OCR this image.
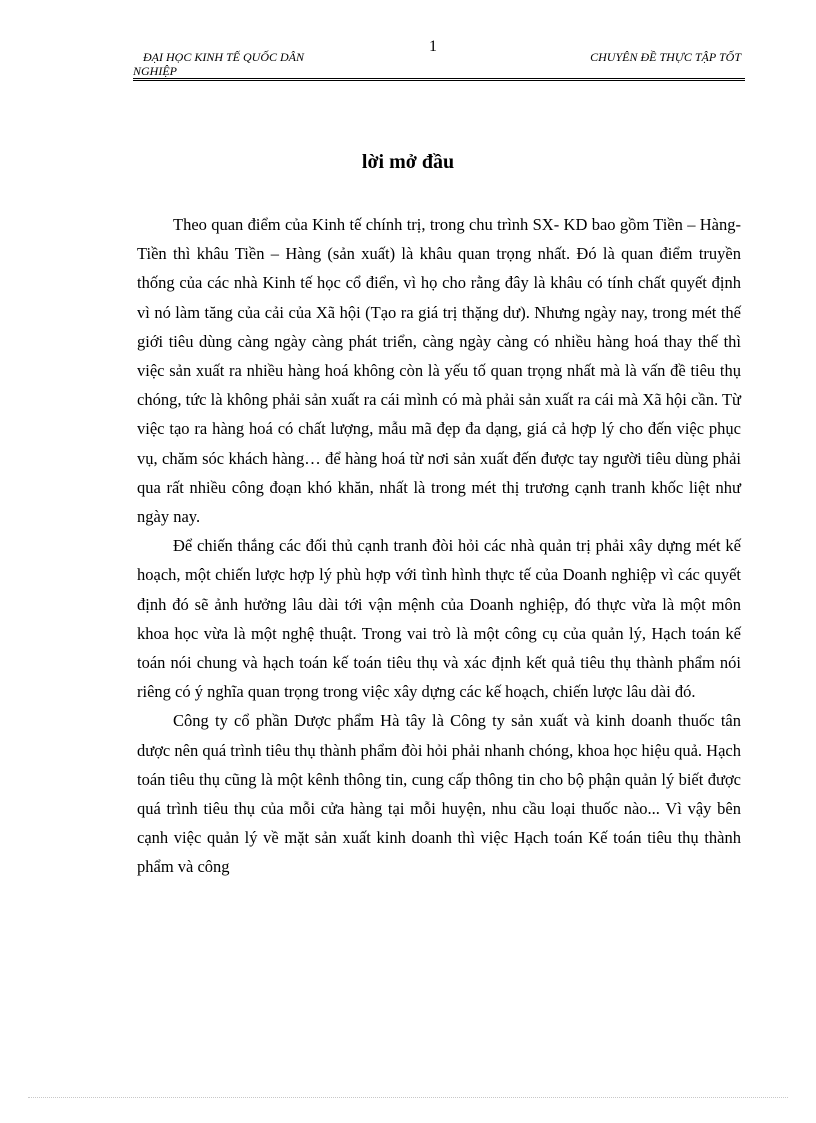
ĐẠI HỌC KINH TẾ QUỐC DÂN
NGHIỆP
1
CHUYÊN ĐỀ THỰC TẬP TỐT
lời mở đầu

Theo quan điểm của Kinh tế chính trị, trong chu trình SX- KD bao gồm Tiền – Hàng- Tiền thì khâu Tiền – Hàng (sản xuất) là khâu quan trọng nhất. Đó là quan điểm truyền thống của các nhà Kinh tế học cổ điển, vì họ cho rằng đây là khâu có tính chất quyết định vì nó làm tăng của cải của Xã hội (Tạo ra giá trị thặng dư). Nhưng ngày nay, trong mét thế giới tiêu dùng càng ngày càng phát triển, càng ngày càng có nhiều hàng hoá thay thế thì việc sản xuất ra nhiều hàng hoá không còn là yếu tố quan trọng nhất mà là vấn đề tiêu thụ chóng, tức là không phải sản xuất ra cái mình có mà phải sản xuất ra cái mà Xã hội cần. Từ việc tạo ra hàng hoá có chất lượng, mẫu mã đẹp đa dạng, giá cả hợp lý cho đến việc phục vụ, chăm sóc khách hàng… để hàng hoá từ nơi sản xuất đến được tay người tiêu dùng phải qua rất nhiều công đoạn khó khăn, nhất là trong mét thị trương cạnh tranh khốc liệt như ngày nay.

Để chiến thắng các đối thủ cạnh tranh đòi hỏi các nhà quản trị phải xây dựng mét kế hoạch, một chiến lược hợp lý phù hợp với tình hình thực tế của Doanh nghiệp vì các quyết định đó sẽ ảnh hưởng lâu dài tới vận mệnh của Doanh nghiệp, đó thực vừa là một môn khoa học vừa là một nghệ thuật. Trong vai trò là một công cụ của quản lý, Hạch toán kế toán nói chung và hạch toán kế toán tiêu thụ và xác định kết quả tiêu thụ thành phẩm nói riêng có ý nghĩa quan trọng trong việc xây dựng các kế hoạch, chiến lược lâu dài đó.

Công ty cổ phần Dược phẩm Hà tây là Công ty sản xuất và kinh doanh thuốc tân dược nên quá trình tiêu thụ thành phẩm đòi hỏi phải nhanh chóng, khoa học hiệu quả. Hạch toán tiêu thụ cũng là một kênh thông tin, cung cấp thông tin cho bộ phận quản lý biết được quá trình tiêu thụ của mỗi cửa hàng tại mỗi huyện, nhu cầu loại thuốc nào... Vì vậy bên cạnh việc quản lý về mặt sản xuất kinh doanh thì việc Hạch toán Kế toán tiêu thụ thành phẩm và công
